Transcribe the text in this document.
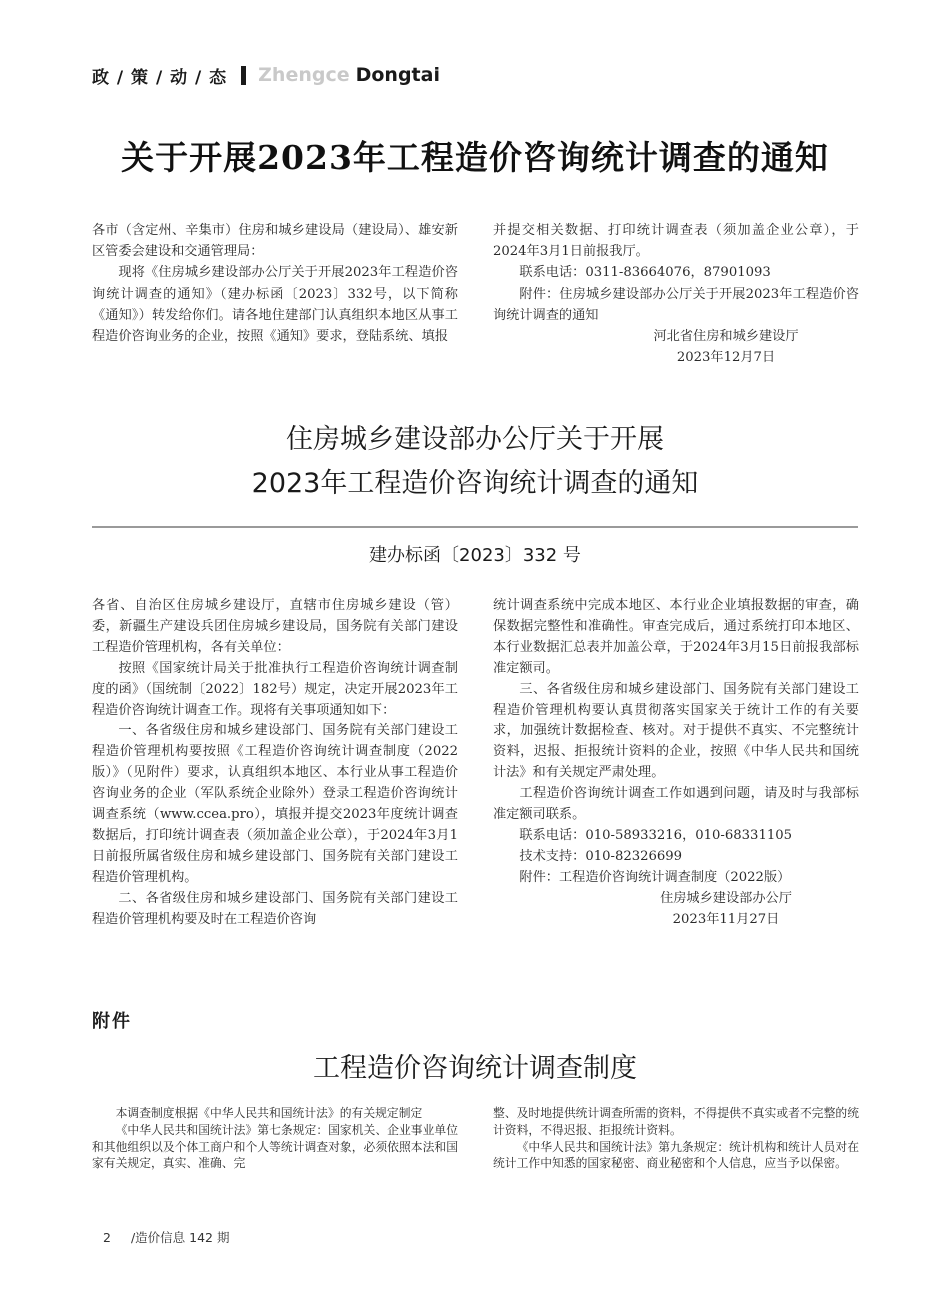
政 / 策 / 动 / 态 Zhengce Dongtai
关于开展2023年工程造价咨询统计调查的通知

各市（含定州、辛集市）住房和城乡建设局（建设局）、雄安新区管委会建设和交通管理局：

现将《住房城乡建设部办公厅关于开展2023年工程造价咨询统计调查的通知》（建办标函〔2023〕332号，以下简称《通知》）转发给你们。请各地住建部门认真组织本地区从事工程造价咨询业务的企业，按照《通知》要求，登陆系统、填报

并提交相关数据、打印统计调查表（须加盖企业公章），于2024年3月1日前报我厅。

联系电话：0311-83664076，87901093

附件：住房城乡建设部办公厅关于开展2023年工程造价咨询统计调查的通知

河北省住房和城乡建设厅

2023年12月7日

住房城乡建设部办公厅关于开展
2023年工程造价咨询统计调查的通知
建办标函〔2023〕332 号

各省、自治区住房城乡建设厅，直辖市住房城乡建设（管）委，新疆生产建设兵团住房城乡建设局，国务院有关部门建设工程造价管理机构，各有关单位：

按照《国家统计局关于批准执行工程造价咨询统计调查制度的函》（国统制〔2022〕182号）规定，决定开展2023年工程造价咨询统计调查工作。现将有关事项通知如下：

一、各省级住房和城乡建设部门、国务院有关部门建设工程造价管理机构要按照《工程造价咨询统计调查制度（2022版）》（见附件）要求，认真组织本地区、本行业从事工程造价咨询业务的企业（军队系统企业除外）登录工程造价咨询统计调查系统（www.ccea.pro），填报并提交2023年度统计调查数据后，打印统计调查表（须加盖企业公章），于2024年3月1日前报所属省级住房和城乡建设部门、国务院有关部门建设工程造价管理机构。

二、各省级住房和城乡建设部门、国务院有关部门建设工程造价管理机构要及时在工程造价咨询

统计调查系统中完成本地区、本行业企业填报数据的审查，确保数据完整性和准确性。审查完成后，通过系统打印本地区、本行业数据汇总表并加盖公章，于2024年3月15日前报我部标准定额司。

三、各省级住房和城乡建设部门、国务院有关部门建设工程造价管理机构要认真贯彻落实国家关于统计工作的有关要求，加强统计数据检查、核对。对于提供不真实、不完整统计资料，迟报、拒报统计资料的企业，按照《中华人民共和国统计法》和有关规定严肃处理。

工程造价咨询统计调查工作如遇到问题，请及时与我部标准定额司联系。

联系电话：010-58933216，010-68331105

技术支持：010-82326699

附件：工程造价咨询统计调查制度（2022版）

住房城乡建设部办公厅

2023年11月27日

附件
工程造价咨询统计调查制度

本调查制度根据《中华人民共和国统计法》的有关规定制定

《中华人民共和国统计法》第七条规定：国家机关、企业事业单位和其他组织以及个体工商户和个人等统计调查对象，必须依照本法和国家有关规定，真实、准确、完

整、及时地提供统计调查所需的资料，不得提供不真实或者不完整的统计资料，不得迟报、拒报统计资料。

《中华人民共和国统计法》第九条规定：统计机构和统计人员对在统计工作中知悉的国家秘密、商业秘密和个人信息，应当予以保密。

2 /造价信息 142 期
